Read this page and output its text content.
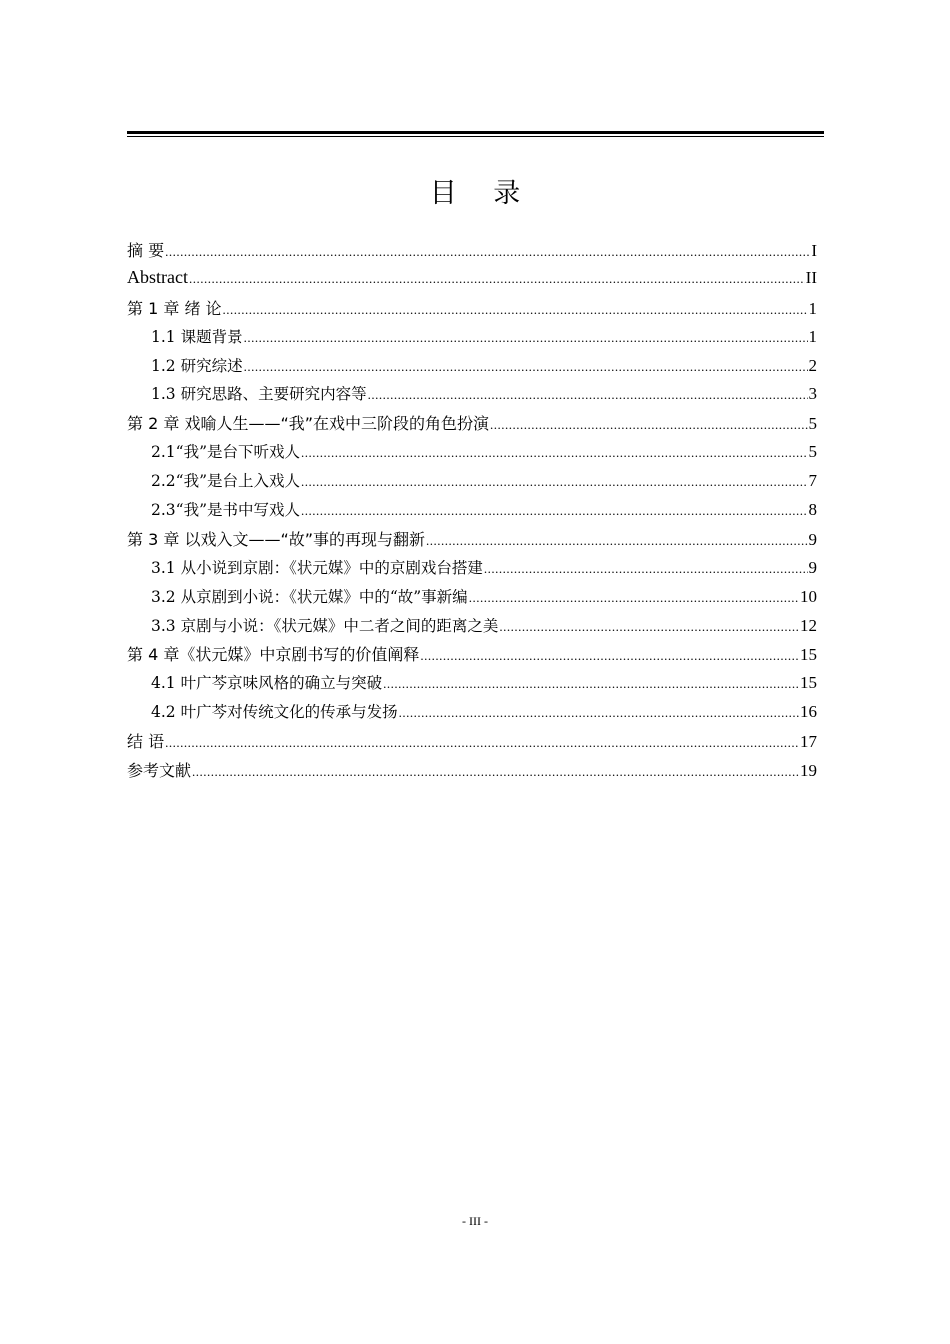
目 录
摘 要 .....	I
Abstract .....	II
第 1 章 绪 论 .....	1
1.1 课题背景 .....	1
1.2 研究综述 .....	2
1.3 研究思路、主要研究内容等 .....	3
第 2 章 戏喻人生——“我”在戏中三阶段的角色扮演 .....	5
2.1“我”是台下听戏人 .....	5
2.2“我”是台上入戏人 .....	7
2.3“我”是书中写戏人 .....	8
第 3 章 以戏入文——“故”事的再现与翻新 .....	9
3.1 从小说到京剧：《状元媒》中的京剧戏台搭建 .....	9
3.2 从京剧到小说：《状元媒》中的“故”事新编 .....	10
3.3 京剧与小说：《状元媒》中二者之间的距离之美 .....	12
第 4 章《状元媒》中京剧书写的价值阐释 .....	15
4.1 叶广芩京味风格的确立与突破 .....	15
4.2 叶广芩对传统文化的传承与发扬 .....	16
结 语 .....	17
参考文献 .....	19
- III -
